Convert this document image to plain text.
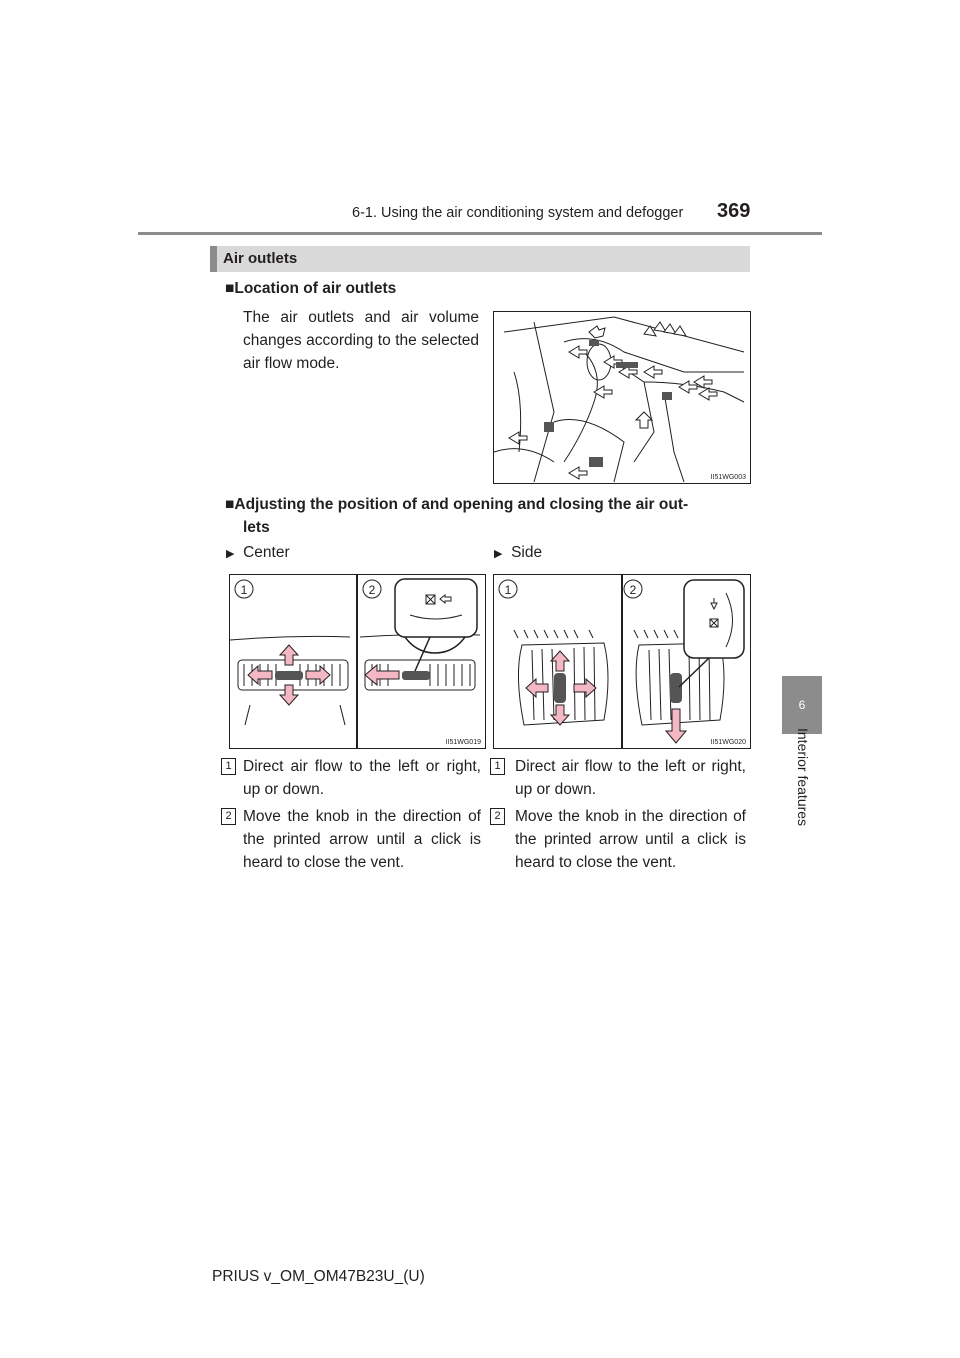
6-1. Using the air conditioning system and defogger 369
6
Interior features
Air outlets
■Location of air outlets
The air outlets and air volume changes according to the selected air flow mode.
II51WG003
■Adjusting the position of and opening and closing the air out-
lets
▶ Center	▶ Side
1	2
II51WG019
1	2
II51WG020
1 Direct air flow to the left or right, up or down.
2 Move the knob in the direction of the printed arrow until a click is heard to close the vent.
1 Direct air flow to the left or right, up or down.
2 Move the knob in the direction of the printed arrow until a click is heard to close the vent.
PRIUS v_OM_OM47B23U_(U)
